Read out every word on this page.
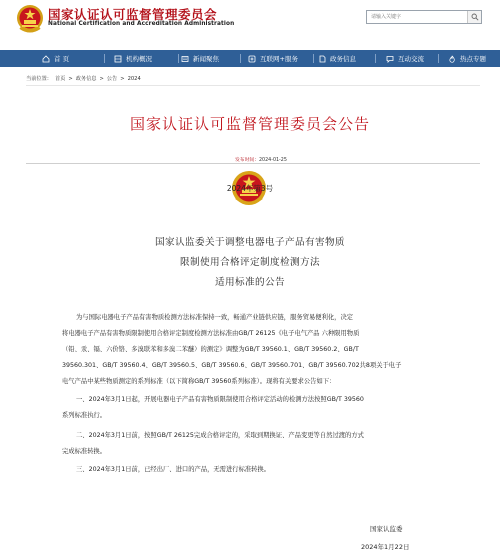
国家认证认可监督管理委员会
National Certification and Accreditation Administration
请输入关键字
首 页	机构概况	新闻聚焦	互联网+服务	政务信息	互动交流	热点专题
当前位置： 首页 > 政务信息 > 公告 > 2024
国家认证认可监督管理委员会公告
发布时间：2024-01-25
2024年第3号
国家认监委关于调整电器电子产品有害物质
限制使用合格评定制度检测方法
适用标准的公告
为与国际电器电子产品有害物质检测方法标准保持一致，畅通产业链供应链，服务贸易便利化，决定
将电器电子产品有害物质限制使用合格评定制度检测方法标准由GB/T 26125《电子电气产品 六种限用物质
（铅、汞、镉、六价铬、多溴联苯和多溴二苯醚）的测定》调整为GB/T 39560.1、GB/T 39560.2、GB/T
39560.301、GB/T 39560.4、GB/T 39560.5、GB/T 39560.6、GB/T 39560.701、GB/T 39560.702共8项关于电子
电气产品中某些物质测定的系列标准（以下简称GB/T 39560系列标准）。现将有关要求公告如下：
一、2024年3月1日起，开展电器电子产品有害物质限制使用合格评定活动的检测方法按照GB/T 39560
系列标准执行。
二、2024年3月1日前，按照GB/T 26125完成合格评定的，采取到期换证、产品变更等自然过渡的方式
完成标准转换。
三、2024年3月1日前，已经出厂、进口的产品，无需进行标准转换。
国家认监委
2024年1月22日
